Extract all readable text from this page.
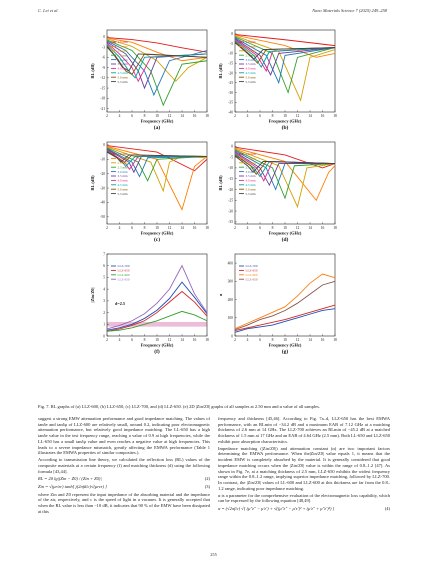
C. Lei et al.	Nano Materials Science 7 (2025) 249–258
2	4	6	8	10 12 14 16 18
0
-3
-6
-9
-12
-15
-18
-21
Frequency (GHz)
RL (dB)
(a)
1.0 mm
1.5 mm
2.0 mm
2.5 mm
3.0 mm
3.5 mm
4.0 mm
4.5 mm
5.0 mm
5.5 mm
2	4	6	8	10 12 14 16 18
0
-5
-10
-15
-20
-25
-30
-35
-40
Frequency (GHz)
RL (dB)
(b)
1.0 mm
1.5 mm
2.0 mm
2.5 mm
3.0 mm
3.5 mm
4.0 mm
4.5 mm
5.0 mm
5.5 mm
2	4	6	8	10 12 14 16 18
0
-10
-20
-30
-40
-50
Frequency (GHz)
RL (dB)
(c)
1.0 mm
1.5 mm
2.0 mm
2.5 mm
3.0 mm
3.5 mm
4.0 mm
4.5 mm
5.0 mm
5.5 mm
2	4	6	8	10 12 14 16 18
0
-5
-10
-15
-20
-25
-30
-35
Frequency (GHz)
RL (dB)
(d)
1.0 mm
1.5 mm
2.0 mm
2.5 mm
3.0 mm
3.5 mm
4.0 mm
4.5 mm
5.0 mm
5.5 mm
2	4	6	8	10 12 14 16 18
0
1
2
3
4
5
6
7
Frequency (GHz)
|Zin/Z0|
(f)
LLZ-700
LLZ-650
LLZ-600
LLZ-650
d=2.5
2	4	6	8	10 12 14 16 18
0
100
200
300
400
Frequency (GHz)
α
(g)
LLZ-700
LLZ-650
LLZ-600
LLZ-650
Fig. 7. RL graphs of (a) LLZ-600, (b) LLZ-650, (c) LLZ-700, and (d) LLZ-650. (e) 2D |Zin/Z0| graphs of all samples at 2.50 mm and α value of all samples.

suggest a strong EMW attenuation performance and good impedance matching. The values of tanδe and tanδμ of LLZ-600 are relatively small, around 0.2, indicating poor electromagnetic attenuation performance, but relatively good impedance matching. The LL-650 has a high tanδe value in the test frequency range, reaching a value of 0.9 at high frequencies, while the LL-650 has a small tanδμ value and even reaches a negative value at high frequencies. This leads to a severe impedance mismatch, greatly affecting the EMWA performance (Table 1 illustrates the EMWA properties of similar composites.).

According to transmission line theory, we calculated the reflection loss (RL) values of the composite materials at a certain frequency (f) and matching thickness (d) using the following formula [43,44].

RL = 20 lg|(Zin − Z0) / (Zin + Z0)|	(2)
Zin = √(μr/εr) tanh[ j(2πfd/c)√(μrεr) ]	(3)

where Zin and Z0 represent the input impedance of the absorbing material and the impedance of the air, respectively, and c is the speed of light in a vacuum. It is generally accepted that when the RL value is less than −10 dB, it indicates that 90 % of the EMW have been dissipated at this

frequency and thickness [45,46]. According to Fig. 7a–d, LLZ-650 has the best EMWA performance, with an RLmin of −34.2 dB and a maximum EAB of 7.12 GHz at a matching thickness of 2.6 mm at 14 GHz. The LLZ-700 achieves an RLmin of −45.2 dB at a matched thickness of 1.5 mm at 17 GHz and an EAB of 4.64 GHz (2.5 mm). Both LL-650 and LLZ-650 exhibit poor absorption characteristics.

Impedance matching (|Zin/Z0|) and attenuation constant (α) are two important factors determining the EMWA performance. When the|Zin/Z0| value equals 1, it means that the incident EMW is completely absorbed by the material. It is generally considered that good impedance matching occurs when the |Zin/Z0| value is within the range of 0.8–1.2 [47]. As shown in Fig. 7e, at a matching thickness of 2.5 mm, LLZ-650 exhibits the widest frequency range within the 0.8–1.2 range, implying superior impedance matching, followed by LLZ-700. In contrast, the |Zin/Z0| values of LL-600 and LLZ-600 at this thickness are far from the 0.8–1.2 range, indicating poor impedance matching.

α is a parameter for the comprehensive evaluation of the electromagnetic loss capability, which can be expressed by the following equation [48,49].

α = (√2πf/c) √[ (μ″ε″ − μ′ε′) + √((μ″ε″ − μ′ε′)² + (μ′ε″ + μ″ε′)²) ]	(4)
255
